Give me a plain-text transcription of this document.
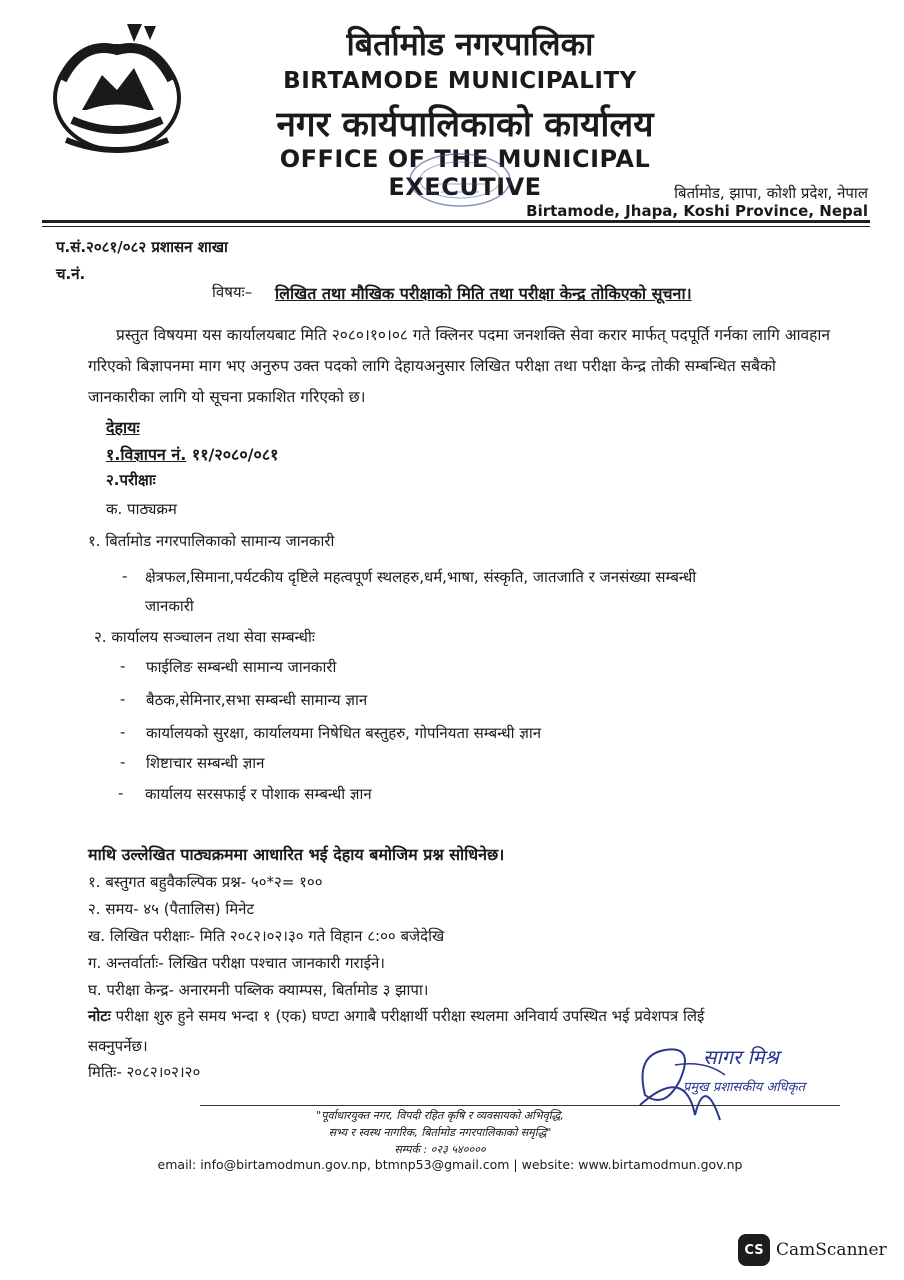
बिर्तामोड नगरपालिका
BIRTAMODE MUNICIPALITY
नगर कार्यपालिकाको कार्यालय
OFFICE OF THE MUNICIPAL EXECUTIVE	बिर्तामोड, झापा, कोशी प्रदेश, नेपाल
Birtamode, Jhapa, Koshi Province, Nepal
प.सं.२०८१/०८२ प्रशासन शाखा
च.नं.
विषयः– लिखित तथा मौखिक परीक्षाको मिति तथा परीक्षा केन्द्र तोकिएको सूचना।
प्रस्तुत विषयमा यस कार्यालयबाट मिति २०८०।१०।०८ गते क्लिनर पदमा जनशक्ति सेवा करार मार्फत् पदपूर्ति गर्नका लागि आवहान गरिएको बिज्ञापनमा माग भए अनुरुप उक्त पदको लागि देहायअनुसार लिखित परीक्षा तथा परीक्षा केन्द्र तोकी सम्बन्धित सबैको जानकारीका लागि यो सूचना प्रकाशित गरिएको छ।
देहायः
१.विज्ञापन नं. ११/२०८०/०८१
२.परीक्षाः
क. पाठ्यक्रम
१. बिर्तामोड नगरपालिकाको सामान्य जानकारी
- क्षेत्रफल,सिमाना,पर्यटकीय दृष्टिले महत्वपूर्ण स्थलहरु,धर्म,भाषा, संस्कृति, जातजाति र जनसंख्या सम्बन्धी
जानकारी
२. कार्यालय सञ्चालन तथा सेवा सम्बन्धीः
- फाईलिङ सम्बन्धी सामान्य जानकारी
- बैठक,सेमिनार,सभा सम्बन्धी सामान्य ज्ञान
- कार्यालयको सुरक्षा, कार्यालयमा निषेधित बस्तुहरु, गोपनियता सम्बन्धी ज्ञान
- शिष्टाचार सम्बन्धी ज्ञान
- कार्यालय सरसफाई र पोशाक सम्बन्धी ज्ञान
माथि उल्लेखित पाठ्यक्रममा आधारित भई देहाय बमोजिम प्रश्न सोधिनेछ।
१. बस्तुगत बहुवैकल्पिक प्रश्न- ५०*२= १००
२. समय- ४५ (पैतालिस) मिनेट
ख. लिखित परीक्षाः- मिति २०८२।०२।३० गते विहान ८:०० बजेदेखि
ग. अन्तर्वार्ताः- लिखित परीक्षा पश्चात जानकारी गराईने।
घ. परीक्षा केन्द्र- अनारमनी पब्लिक क्याम्पस, बिर्तामोड ३ झापा।
नोटः परीक्षा शुरु हुने समय भन्दा १ (एक) घण्टा अगाबै परीक्षार्थी परीक्षा स्थलमा अनिवार्य उपस्थित भई प्रवेशपत्र लिई
सक्नुपर्नेछ।
मितिः- २०८२।०२।२०
सागर मिश्र
प्रमुख प्रशासकीय अधिकृत
"पूर्वाधारयुक्त नगर, विपदी रहित कृषि र व्यवसायको अभिवृद्धि,
सभ्य र स्वस्थ नागरिक, बिर्तामोड नगरपालिकाको समृद्धि"
सम्पर्क : ०२३ ५४००००
email: info@birtamodmun.gov.np, btmnp53@gmail.com | website: www.birtamodmun.gov.np
CS CamScanner
